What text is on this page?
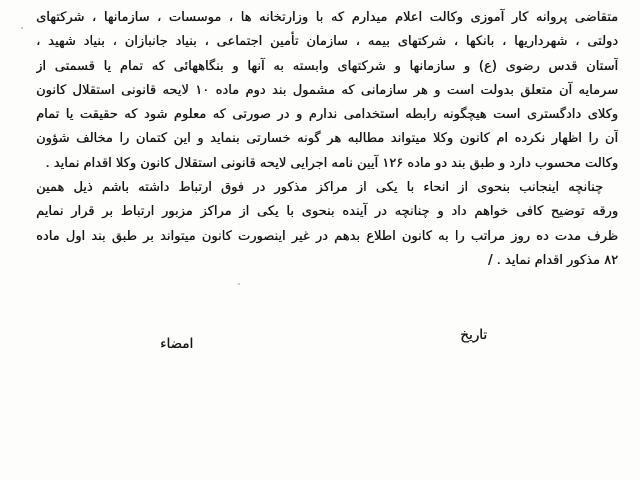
متقاضی پروانه کار آموزی وکالت اعلام میدارم که با وزارتخانه ها ، موسسات ، سازمانها ، شرکتهای
دولتی ، شهرداریها ، بانکها ، شرکتهای بیمه ، سازمان تأمین اجتماعی ، بنیاد جانبازان ، بنیاد شهید ،
آستان قدس رضوی (ع) و سازمانها و شرکتهای وابسته به آنها و بنگاههائی که تمام یا قسمتی از
سرمایه آن متعلق بدولت است و هر سازمانی که مشمول بند دوم ماده ۱۰ لایحه قانونی استقلال کانون
وکلای دادگستری است هیچگونه رابطه استخدامی ندارم و در صورتی که معلوم شود که حقیقت یا تمام
آن را اظهار نکرده ام کانون وکلا میتواند مطالبه هر گونه خسارتی بنماید و این کتمان را مخالف شؤون
وکالت محسوب دارد و طبق بند دو ماده ۱۲۶ آیین نامه اجرایی لایحه قانونی استقلال کانون وکلا اقدام نماید .
چنانچه اینجانب بنحوی از انحاء با یکی از مراکز مذکور در فوق ارتباط داشته باشم ذیل همین
ورقه توضیح کافی خواهم داد و چنانچه در آینده بنحوی با یکی از مراکز مزبور ارتباط بر قرار نمایم
ظرف مدت ده روز مراتب را به کانون اطلاع بدهم در غیر اینصورت کانون میتواند بر طبق بند اول ماده
۸۲ مذکور اقدام نماید . /
تاریخ
امضاء
